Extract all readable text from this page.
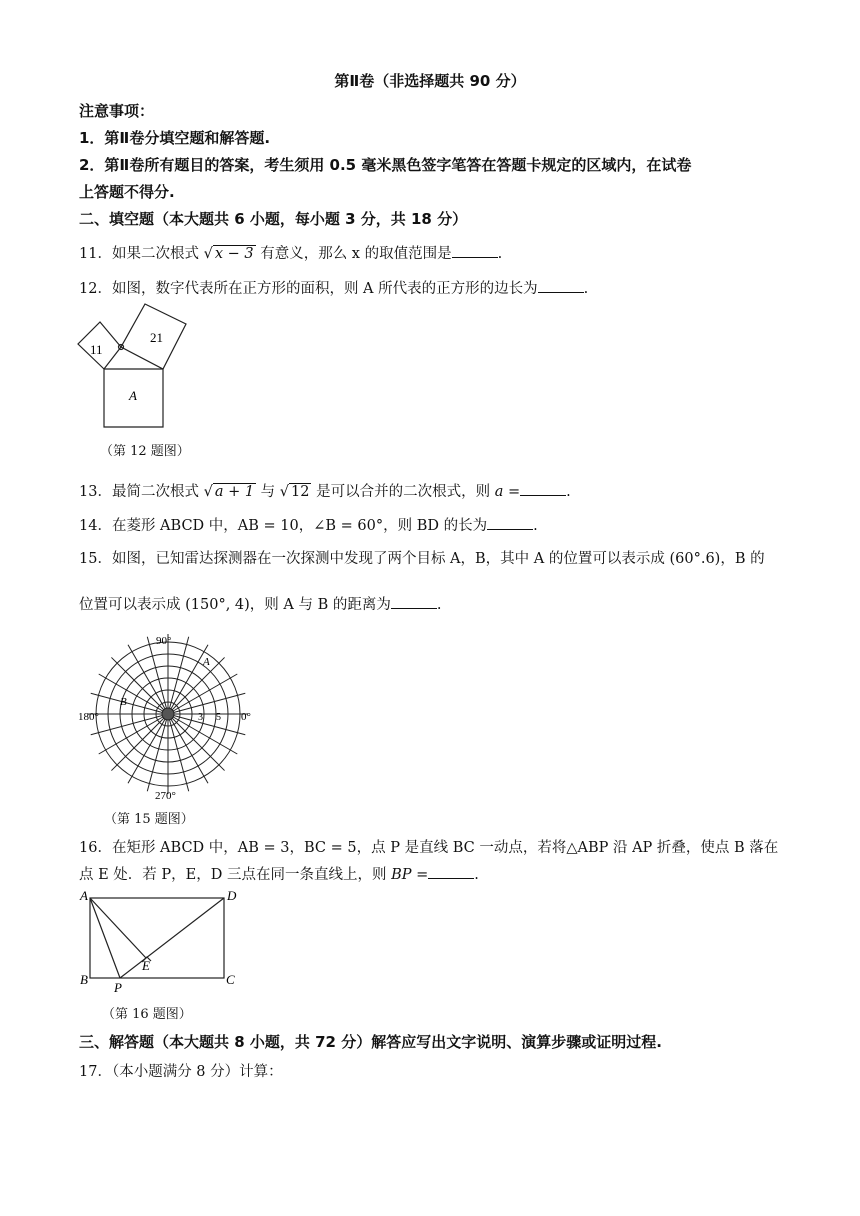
第Ⅱ卷（非选择题共 90 分）
注意事项：
1．第Ⅱ卷分填空题和解答题.
2．第Ⅱ卷所有题目的答案，考生须用 0.5 毫米黑色签字笔答在答题卡规定的区域内，在试卷
上答题不得分.
二、填空题（本大题共 6 小题，每小题 3 分，共 18 分）
11．如果二次根式 √ x − 3 有意义，那么 x 的取值范围是	.
12．如图，数字代表所在正方形的面积，则 A 所代表的正方形的边长为	.
11
21
A
（第 12 题图）
13．最简二次根式 √ a + 1 与 √ 12 是可以合并的二次根式，则 a =	.
14．在菱形 ABCD 中，AB = 10，∠B = 60°，则 BD 的长为	.
15．如图，已知雷达探测器在一次探测中发现了两个目标 A，B，其中 A 的位置可以表示成 (60°.6)，B 的
位置可以表示成 (150°, 4)，则 A 与 B 的距离为	.
90°
180°	0°
270°
A
B
5
3
（第 15 题图）
16．在矩形 ABCD 中，AB = 3，BC = 5，点 P 是直线 BC 一动点，若将△ABP 沿 AP 折叠，使点 B 落在
点 E 处．若 P，E，D 三点在同一条直线上，则 BP =	.
A	D
B	C
E
P
（第 16 题图）
三、解答题（本大题共 8 小题，共 72 分）解答应写出文字说明、演算步骤或证明过程.
17．（本小题满分 8 分）计算：
